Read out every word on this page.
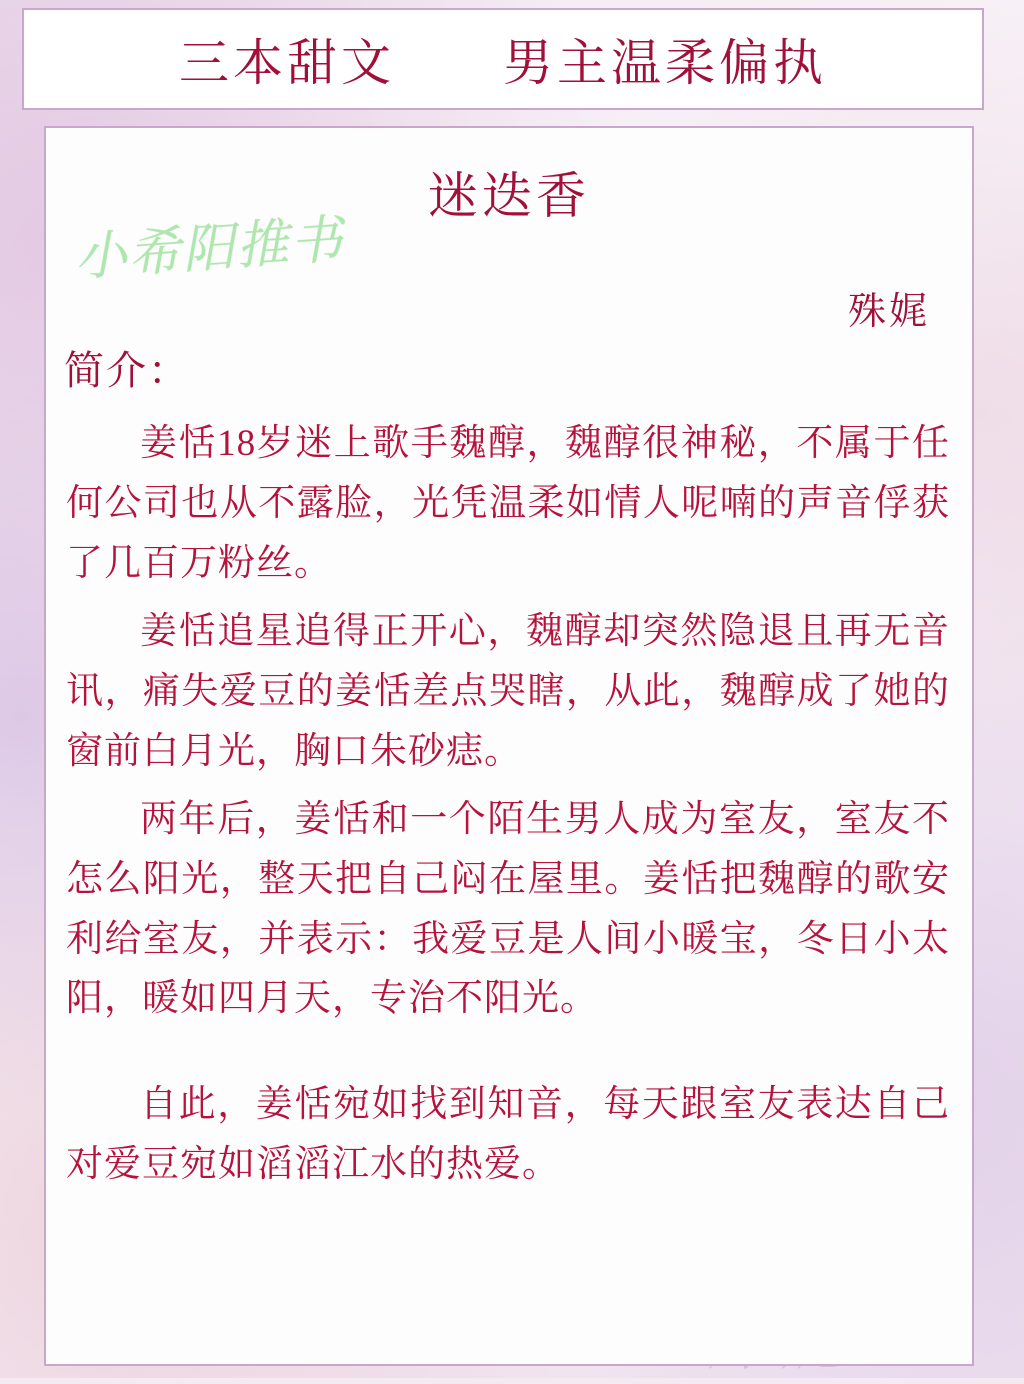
三本甜文 男主温柔偏执
迷迭香
殊娓
简介：

姜恬18岁迷上歌手魏醇，魏醇很神秘，不属于任何公司也从不露脸，光凭温柔如情人呢喃的声音俘获了几百万粉丝。

姜恬追星追得正开心，魏醇却突然隐退且再无音讯，痛失爱豆的姜恬差点哭瞎，从此，魏醇成了她的窗前白月光，胸口朱砂痣。

两年后，姜恬和一个陌生男人成为室友，室友不怎么阳光，整天把自己闷在屋里。姜恬把魏醇的歌安利给室友，并表示：我爱豆是人间小暖宝，冬日小太阳，暖如四月天，专治不阳光。

自此，姜恬宛如找到知音，每天跟室友表达自己对爱豆宛如滔滔江水的热爱。

小希阳推书
